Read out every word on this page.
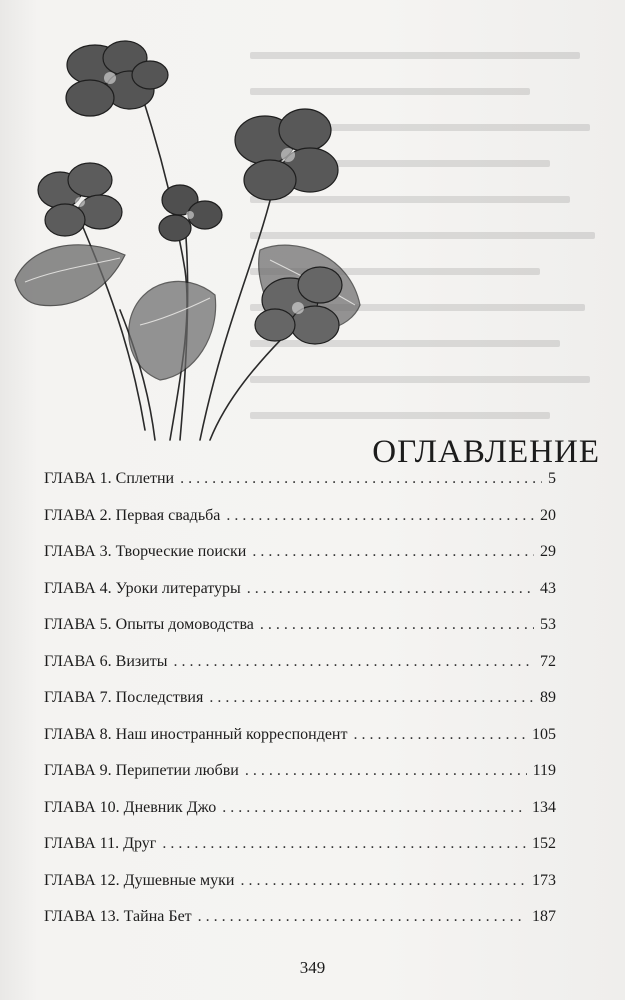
ОГЛАВЛЕНИЕ
ГЛАВА 1. Сплетни . . .	5
ГЛАВА 2. Первая свадьба . . .	20
ГЛАВА 3. Творческие поиски . . .	29
ГЛАВА 4. Уроки литературы . . .	43
ГЛАВА 5. Опыты домоводства . . .	53
ГЛАВА 6. Визиты . . .	72
ГЛАВА 7. Последствия . . .	89
ГЛАВА 8. Наш иностранный корреспондент . . .	105
ГЛАВА 9. Перипетии любви . . .	119
ГЛАВА 10. Дневник Джо . . .	134
ГЛАВА 11. Друг . . .	152
ГЛАВА 12. Душевные муки . . .	173
ГЛАВА 13. Тайна Бет . . .	187
349
